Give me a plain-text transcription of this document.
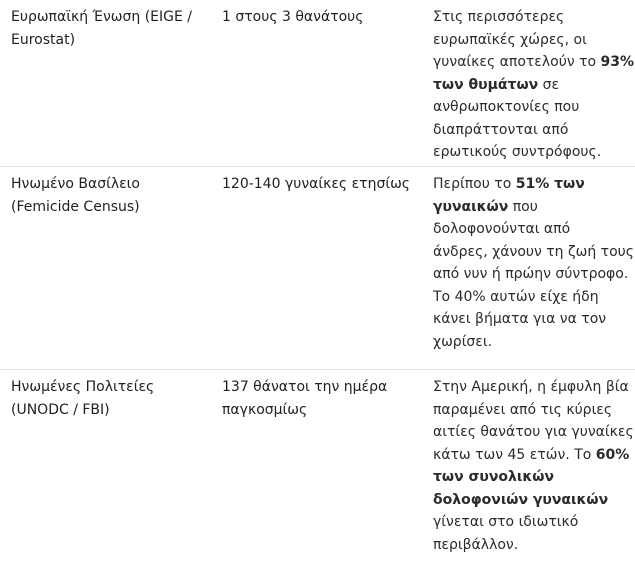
Ευρωπαϊκή Ένωση (EIGE /
Eurostat)
1 στους 3 θανάτους	Στις περισσότερες
ευρωπαϊκές χώρες, οι
γυναίκες αποτελούν το 93%
των θυμάτων σε
ανθρωποκτονίες που
διαπράττονται από
ερωτικούς συντρόφους.
Ηνωμένο Βασίλειο
(Femicide Census)
120-140 γυναίκες ετησίως	Περίπου το 51% των
γυναικών που
δολοφονούνται από
άνδρες, χάνουν τη ζωή τους
από νυν ή πρώην σύντροφο.
Το 40% αυτών είχε ήδη
κάνει βήματα για να τον
χωρίσει.
Ηνωμένες Πολιτείες
(UNODC / FBI)
137 θάνατοι την ημέρα
παγκοσμίως
Στην Αμερική, η έμφυλη βία
παραμένει από τις κύριες
αιτίες θανάτου για γυναίκες
κάτω των 45 ετών. Το 60%
των συνολικών
δολοφονιών γυναικών
γίνεται στο ιδιωτικό
περιβάλλον.
